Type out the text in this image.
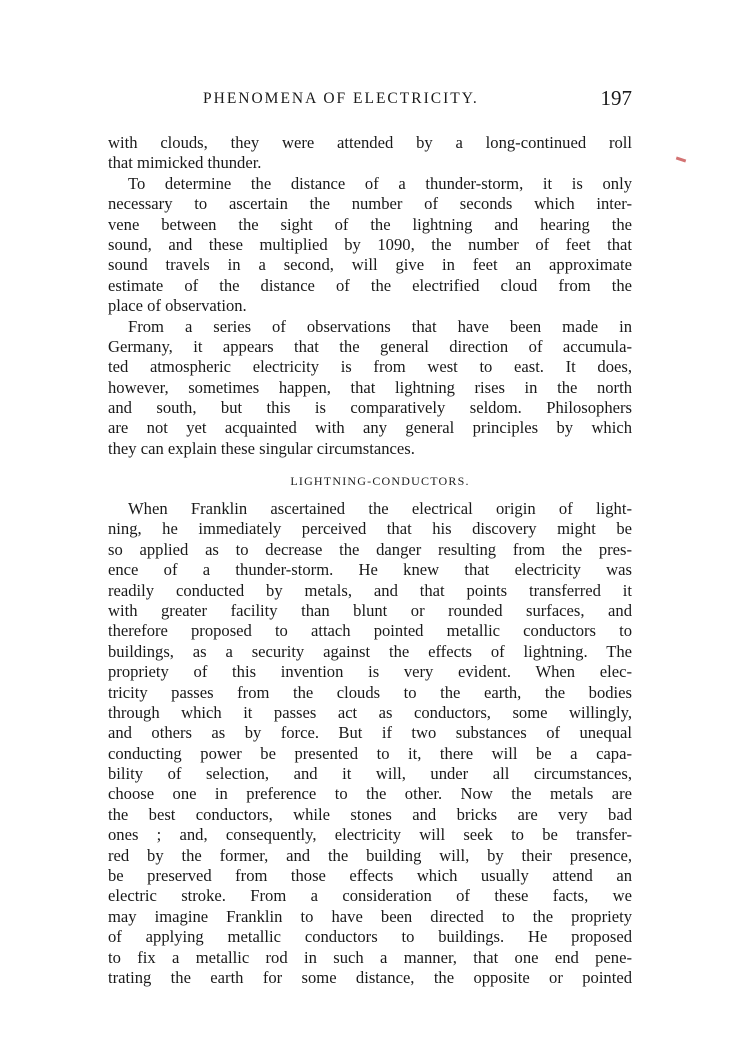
PHENOMENA OF ELECTRICITY.	197
with clouds, they were attended by a long-continued roll
that mimicked thunder.
To determine the distance of a thunder-storm, it is only
necessary to ascertain the number of seconds which inter-
vene between the sight of the lightning and hearing the
sound, and these multiplied by 1090, the number of feet that
sound travels in a second, will give in feet an approximate
estimate of the distance of the electrified cloud from the
place of observation.
From a series of observations that have been made in
Germany, it appears that the general direction of accumula-
ted atmospheric electricity is from west to east. It does,
however, sometimes happen, that lightning rises in the north
and south, but this is comparatively seldom. Philosophers
are not yet acquainted with any general principles by which
they can explain these singular circumstances.
LIGHTNING-CONDUCTORS.
When Franklin ascertained the electrical origin of light-
ning, he immediately perceived that his discovery might be
so applied as to decrease the danger resulting from the pres-
ence of a thunder-storm. He knew that electricity was
readily conducted by metals, and that points transferred it
with greater facility than blunt or rounded surfaces, and
therefore proposed to attach pointed metallic conductors to
buildings, as a security against the effects of lightning. The
propriety of this invention is very evident. When elec-
tricity passes from the clouds to the earth, the bodies
through which it passes act as conductors, some willingly,
and others as by force. But if two substances of unequal
conducting power be presented to it, there will be a capa-
bility of selection, and it will, under all circumstances,
choose one in preference to the other. Now the metals are
the best conductors, while stones and bricks are very bad
ones ; and, consequently, electricity will seek to be transfer-
red by the former, and the building will, by their presence,
be preserved from those effects which usually attend an
electric stroke. From a consideration of these facts, we
may imagine Franklin to have been directed to the propriety
of applying metallic conductors to buildings. He proposed
to fix a metallic rod in such a manner, that one end pene-
trating the earth for some distance, the opposite or pointed
